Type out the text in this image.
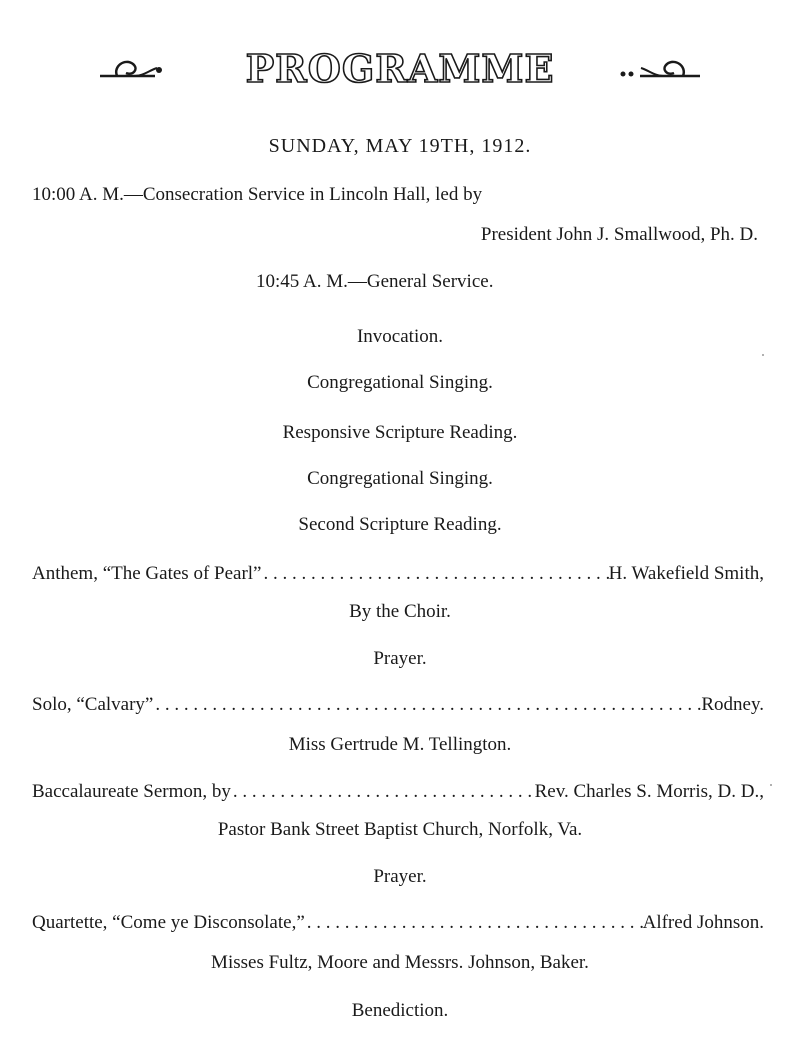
PROGRAMME
SUNDAY, MAY 19TH, 1912.
10:00 A. M.—Consecration Service in Lincoln Hall, led by
President John J. Smallwood, Ph. D.
10:45 A. M.—General Service.
Invocation.
Congregational Singing.
Responsive Scripture Reading.
Congregational Singing.
Second Scripture Reading.
Anthem, “The Gates of Pearl” . . .	H. Wakefield Smith,
By the Choir.
Prayer.
Solo, “Calvary” . . .	Rodney.
Miss Gertrude M. Tellington.
Baccalaureate Sermon, by . . .	Rev. Charles S. Morris, D. D.,
Pastor Bank Street Baptist Church, Norfolk, Va.
Prayer.
Quartette, “Come ye Disconsolate,” . . .	Alfred Johnson.
Misses Fultz, Moore and Messrs. Johnson, Baker.
Benediction.
